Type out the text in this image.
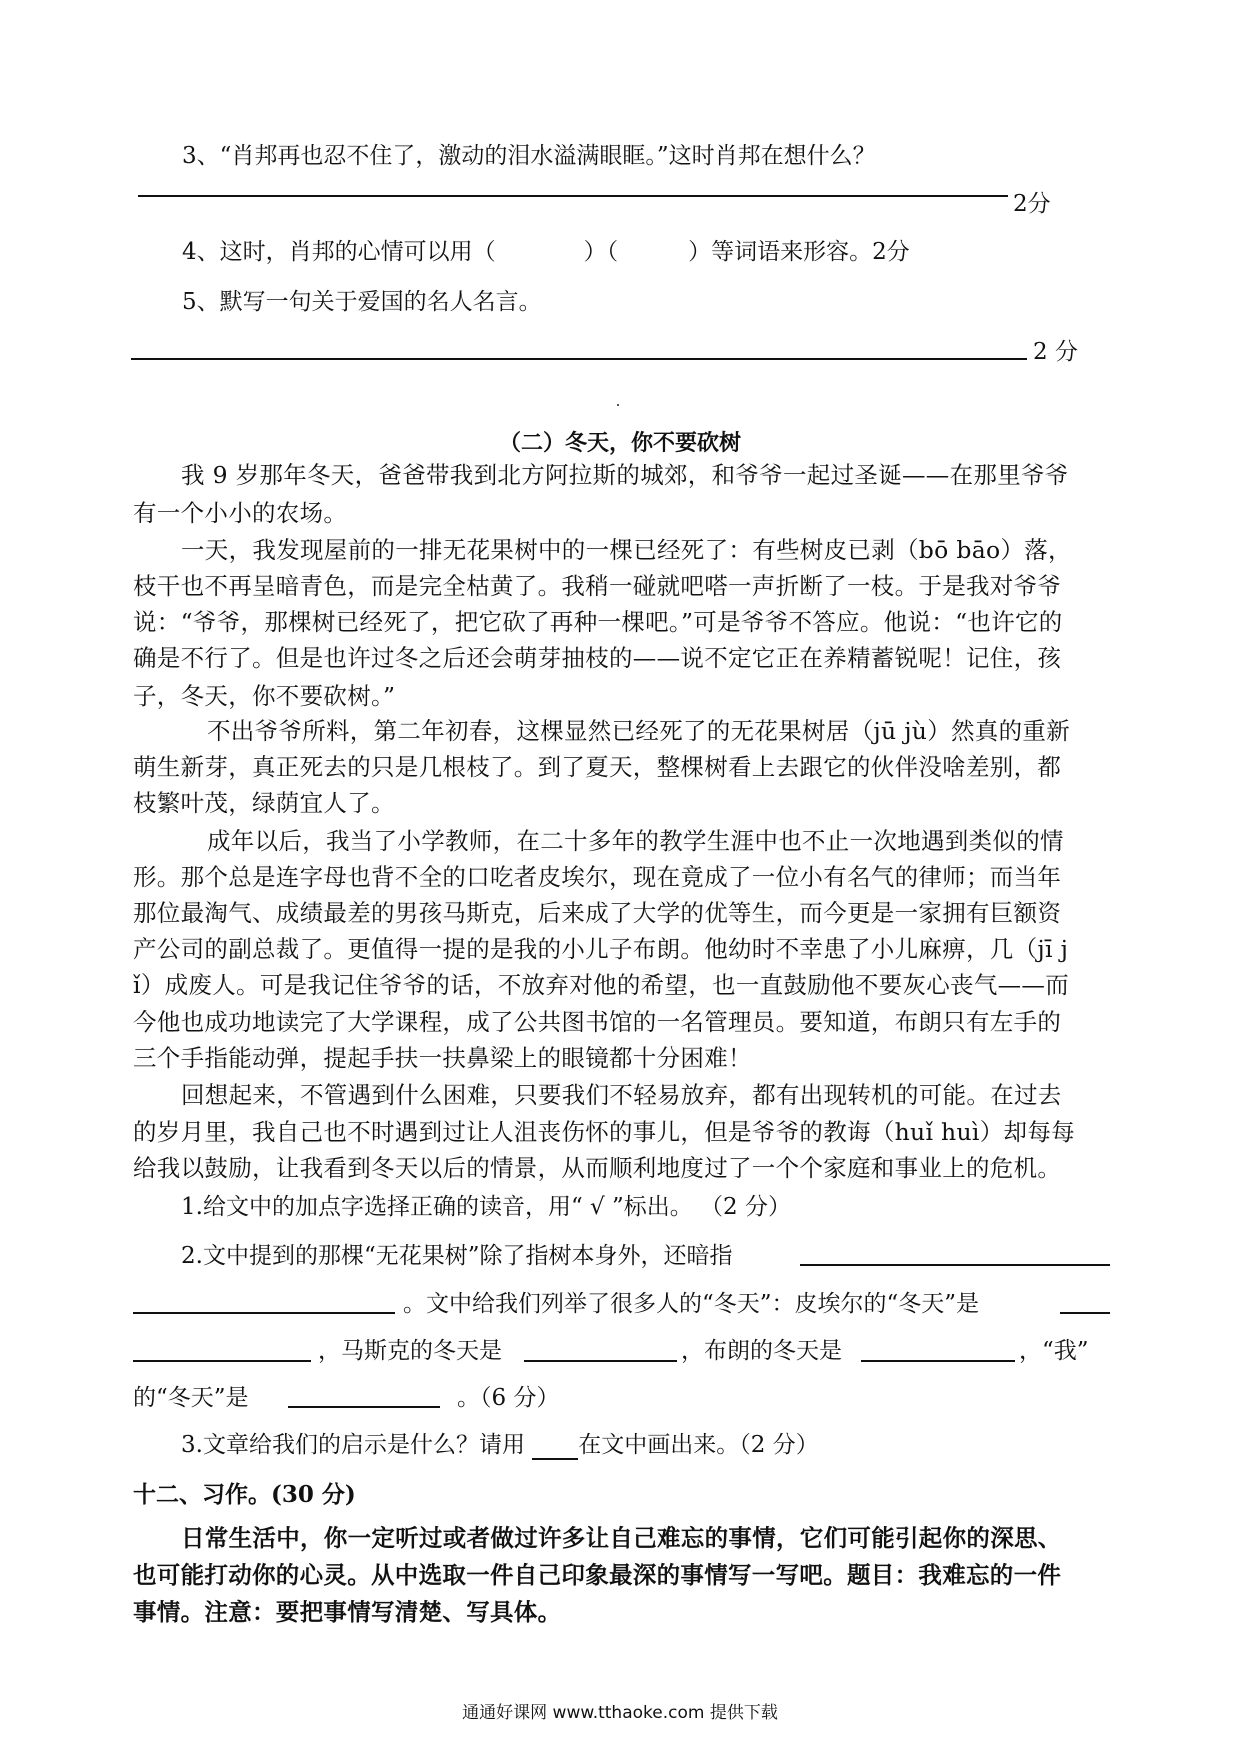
3、“肖邦再也忍不住了，激动的泪水溢满眼眶。”这时肖邦在想什么？
2分
4、这时，肖邦的心情可以用（	）（	）等词语来形容。2分
5、默写一句关于爱国的名人名言。
2 分
（二）冬天，你不要砍树
我 9 岁那年冬天，爸爸带我到北方阿拉斯的城郊，和爷爷一起过圣诞——在那里爷爷
有一个小小的农场。
一天，我发现屋前的一排无花果树中的一棵已经死了：有些树皮已剥（bō bāo）落，
枝干也不再呈暗青色，而是完全枯黄了。我稍一碰就吧嗒一声折断了一枝。于是我对爷爷
说：“爷爷，那棵树已经死了，把它砍了再种一棵吧。”可是爷爷不答应。他说：“也许它的
确是不行了。但是也许过冬之后还会萌芽抽枝的——说不定它正在养精蓄锐呢！记住，孩
子，冬天，你不要砍树。”
不出爷爷所料，第二年初春，这棵显然已经死了的无花果树居（jū jù）然真的重新
萌生新芽，真正死去的只是几根枝了。到了夏天，整棵树看上去跟它的伙伴没啥差别，都
枝繁叶茂，绿荫宜人了。
成年以后，我当了小学教师，在二十多年的教学生涯中也不止一次地遇到类似的情
形。那个总是连字母也背不全的口吃者皮埃尔，现在竟成了一位小有名气的律师；而当年
那位最淘气、成绩最差的男孩马斯克，后来成了大学的优等生，而今更是一家拥有巨额资
产公司的副总裁了。更值得一提的是我的小儿子布朗。他幼时不幸患了小儿麻痹，几（jī j
ǐ）成废人。可是我记住爷爷的话，不放弃对他的希望，也一直鼓励他不要灰心丧气——而
今他也成功地读完了大学课程，成了公共图书馆的一名管理员。要知道，布朗只有左手的
三个手指能动弹，提起手扶一扶鼻梁上的眼镜都十分困难！
回想起来，不管遇到什么困难，只要我们不轻易放弃，都有出现转机的可能。在过去
的岁月里，我自己也不时遇到过让人沮丧伤怀的事儿，但是爷爷的教诲（huǐ huì）却每每
给我以鼓励，让我看到冬天以后的情景，从而顺利地度过了一个个家庭和事业上的危机。
1.给文中的加点字选择正确的读音，用“ √ ”标出。 （2 分）
2.文中提到的那棵“无花果树”除了指树本身外，还暗指
。文中给我们列举了很多人的“冬天”：皮埃尔的“冬天”是
，马斯克的冬天是	，布朗的冬天是	，“我”
的“冬天”是	。（6 分）
3.文章给我们的启示是什么？请用 在文中画出来。（2 分）
十二、习作。(30 分)
日常生活中，你一定听过或者做过许多让自己难忘的事情，它们可能引起你的深思、
也可能打动你的心灵。从中选取一件自己印象最深的事情写一写吧。题目：我难忘的一件
事情。注意：要把事情写清楚、写具体。
通通好课网 www.tthaoke.com 提供下载
